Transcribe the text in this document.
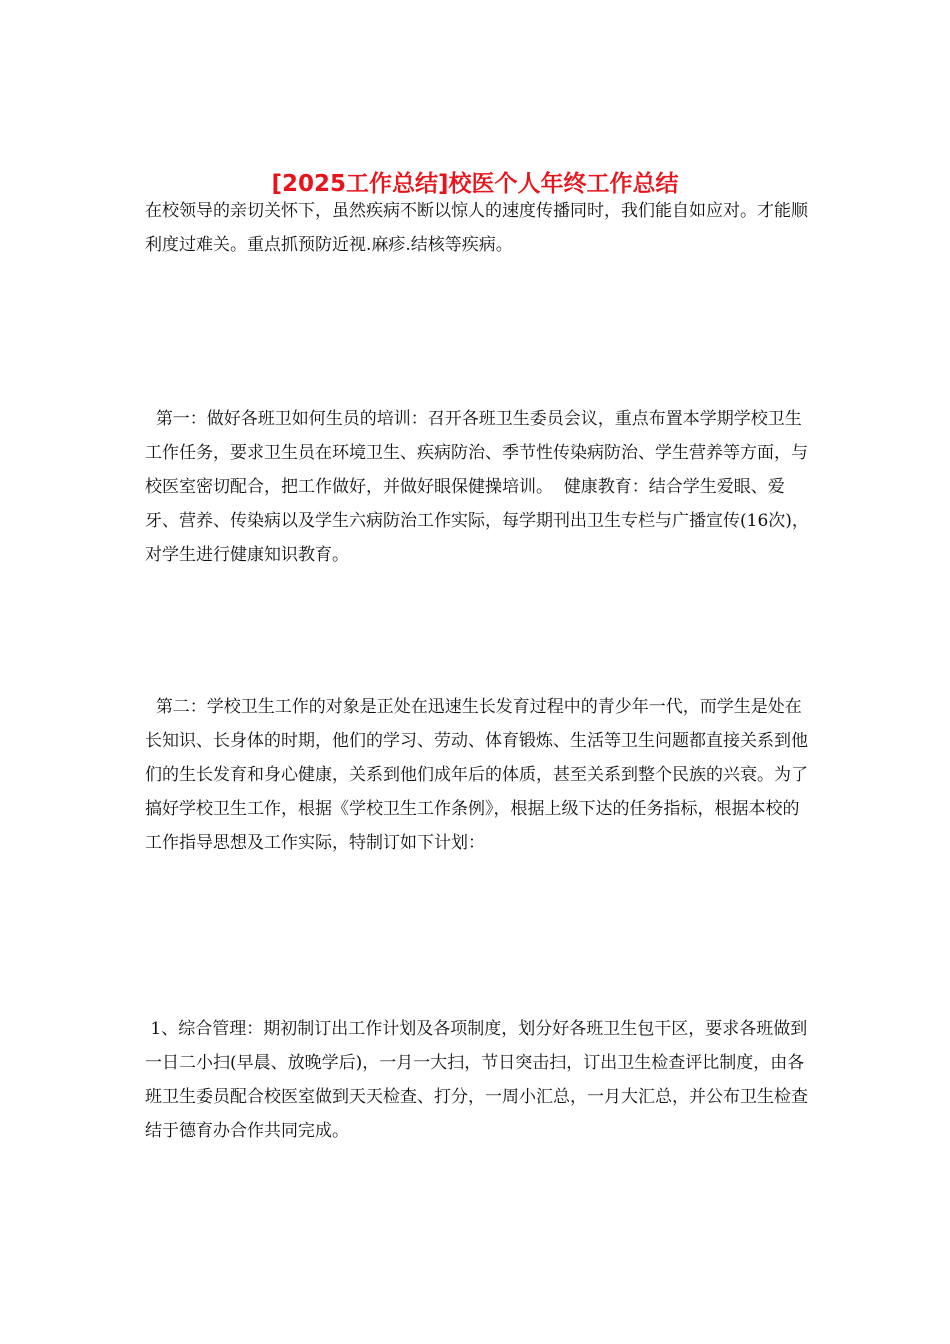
[2025工作总结]校医个人年终工作总结

在校领导的亲切关怀下，虽然疾病不断以惊人的速度传播同时，我们能自如应对。才能顺利度过难关。重点抓预防近视.麻疹.结核等疾病。

第一：做好各班卫如何生员的培训：召开各班卫生委员会议，重点布置本学期学校卫生工作任务，要求卫生员在环境卫生、疾病防治、季节性传染病防治、学生营养等方面，与校医室密切配合，把工作做好，并做好眼保健操培训。  健康教育：结合学生爱眼、爱牙、营养、传染病以及学生六病防治工作实际，每学期刊出卫生专栏与广播宣传(16次)，对学生进行健康知识教育。

第二：学校卫生工作的对象是正处在迅速生长发育过程中的青少年一代，而学生是处在长知识、长身体的时期，他们的学习、劳动、体育锻炼、生活等卫生问题都直接关系到他们的生长发育和身心健康，关系到他们成年后的体质，甚至关系到整个民族的兴衰。为了搞好学校卫生工作，根据《学校卫生工作条例》，根据上级下达的任务指标，根据本校的工作指导思想及工作实际，特制订如下计划：

1、综合管理：期初制订出工作计划及各项制度，划分好各班卫生包干区，要求各班做到一日二小扫(早晨、放晚学后)，一月一大扫，节日突击扫，订出卫生检查评比制度，由各班卫生委员配合校医室做到天天检查、打分，一周小汇总，一月大汇总，并公布卫生检查结于德育办合作共同完成。
